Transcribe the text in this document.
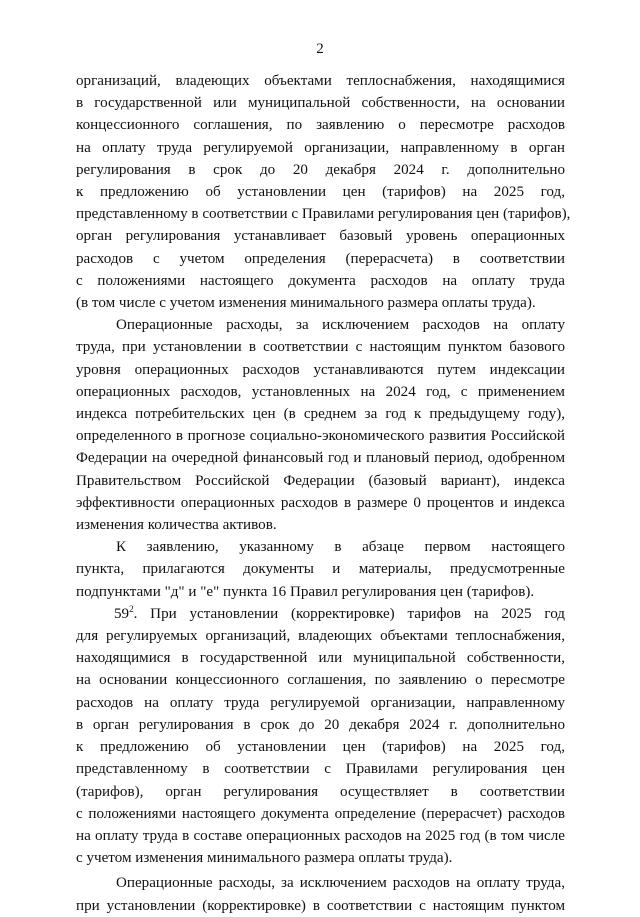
2
организаций, владеющих объектами теплоснабжения, находящимися
в государственной или муниципальной собственности, на основании
концессионного соглашения, по заявлению о пересмотре расходов
на оплату труда регулируемой организации, направленному в орган
регулирования в срок до 20 декабря 2024 г. дополнительно
к предложению об установлении цен (тарифов) на 2025 год,
представленному в соответствии с Правилами регулирования цен (тарифов),
орган регулирования устанавливает базовый уровень операционных
расходов с учетом определения (перерасчета) в соответствии
с положениями настоящего документа расходов на оплату труда
(в том числе с учетом изменения минимального размера оплаты труда).
Операционные расходы, за исключением расходов на оплату
труда, при установлении в соответствии с настоящим пунктом базового
уровня операционных расходов устанавливаются путем индексации
операционных расходов, установленных на 2024 год, с применением
индекса потребительских цен (в среднем за год к предыдущему году),
определенного в прогнозе социально-экономического развития Российской
Федерации на очередной финансовый год и плановый период, одобренном
Правительством Российской Федерации (базовый вариант), индекса
эффективности операционных расходов в размере 0 процентов и индекса
изменения количества активов.
К заявлению, указанному в абзаце первом настоящего
пункта, прилагаются документы и материалы, предусмотренные
подпунктами "д" и "е" пункта 16 Правил регулирования цен (тарифов).
$59^2$. При установлении (корректировке) тарифов на 2025 год
для регулируемых организаций, владеющих объектами теплоснабжения,
находящимися в государственной или муниципальной собственности,
на основании концессионного соглашения, по заявлению о пересмотре
расходов на оплату труда регулируемой организации, направленному
в орган регулирования в срок до 20 декабря 2024 г. дополнительно
к предложению об установлении цен (тарифов) на 2025 год,
представленному в соответствии с Правилами регулирования цен
(тарифов), орган регулирования осуществляет в соответствии
с положениями настоящего документа определение (перерасчет) расходов
на оплату труда в составе операционных расходов на 2025 год (в том числе
с учетом изменения минимального размера оплаты труда).
Операционные расходы, за исключением расходов на оплату труда,
при установлении (корректировке) в соответствии с настоящим пунктом
